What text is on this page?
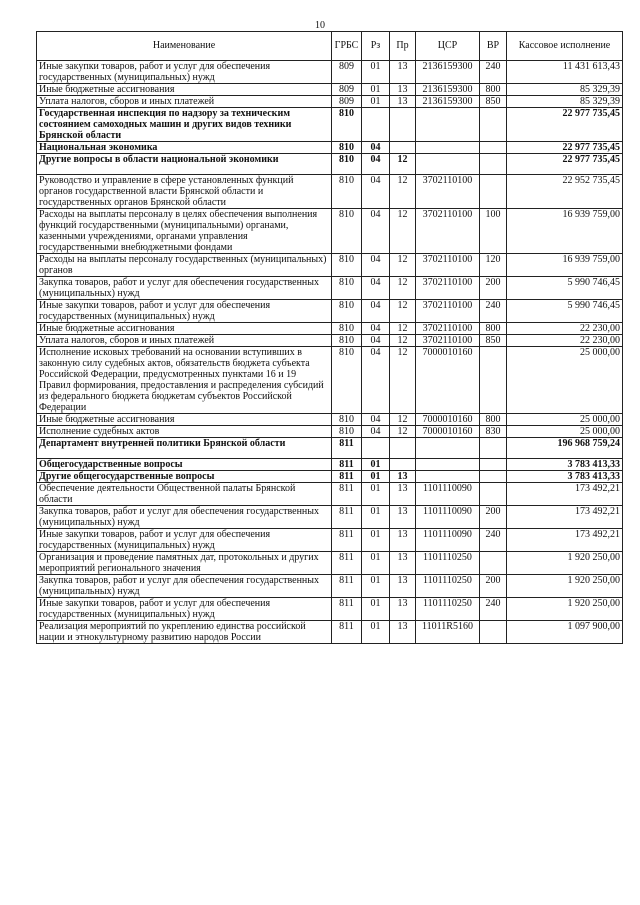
10
Наименование	ГРБС	Рз	Пр	ЦСР	ВР	Кассовое исполнение
Иные закупки товаров, работ и услуг для обеспечения государственных (муниципальных) нужд	809	01	13	2136159300	240	11 431 613,43
Иные бюджетные ассигнования	809	01	13	2136159300	800	85 329,39
Уплата налогов, сборов и иных платежей	809	01	13	2136159300	850	85 329,39
Государственная инспекция по надзору за техническим состоянием самоходных машин и других видов техники Брянской области	810					22 977 735,45
Национальная экономика	810	04				22 977 735,45
Другие вопросы в области национальной экономики	810	04	12			22 977 735,45
Руководство и управление в сфере установленных функций органов государственной власти Брянской области и государственных органов Брянской области	810	04	12	3702110100		22 952 735,45
Расходы на выплаты персоналу в целях обеспечения выполнения функций государственными (муниципальными) органами, казенными учреждениями, органами управления государственными внебюджетными фондами	810	04	12	3702110100	100	16 939 759,00
Расходы на выплаты персоналу государственных (муниципальных) органов	810	04	12	3702110100	120	16 939 759,00
Закупка товаров, работ и услуг для обеспечения государственных (муниципальных) нужд	810	04	12	3702110100	200	5 990 746,45
Иные закупки товаров, работ и услуг для обеспечения государственных (муниципальных) нужд	810	04	12	3702110100	240	5 990 746,45
Иные бюджетные ассигнования	810	04	12	3702110100	800	22 230,00
Уплата налогов, сборов и иных платежей	810	04	12	3702110100	850	22 230,00
Исполнение исковых требований на основании вступивших в законную силу судебных актов, обязательств бюджета субъекта Российской Федерации, предусмотренных пунктами 16 и 19 Правил формирования, предоставления и распределения субсидий из федерального бюджета бюджетам субъектов Российской Федерации	810	04	12	7000010160		25 000,00
Иные бюджетные ассигнования	810	04	12	7000010160	800	25 000,00
Исполнение судебных актов	810	04	12	7000010160	830	25 000,00
Департамент внутренней политики Брянской области	811					196 968 759,24
Общегосударственные вопросы	811	01				3 783 413,33
Другие общегосударственные вопросы	811	01	13			3 783 413,33
Обеспечение деятельности Общественной палаты Брянской области	811	01	13	1101110090		173 492,21
Закупка товаров, работ и услуг для обеспечения государственных (муниципальных) нужд	811	01	13	1101110090	200	173 492,21
Иные закупки товаров, работ и услуг для обеспечения государственных (муниципальных) нужд	811	01	13	1101110090	240	173 492,21
Организация и проведение памятных дат, протокольных и других мероприятий регионального значения	811	01	13	1101110250		1 920 250,00
Закупка товаров, работ и услуг для обеспечения государственных (муниципальных) нужд	811	01	13	1101110250	200	1 920 250,00
Иные закупки товаров, работ и услуг для обеспечения государственных (муниципальных) нужд	811	01	13	1101110250	240	1 920 250,00
Реализация мероприятий по укреплению единства российской нации и этнокультурному развитию народов России	811	01	13	11011R5160		1 097 900,00
